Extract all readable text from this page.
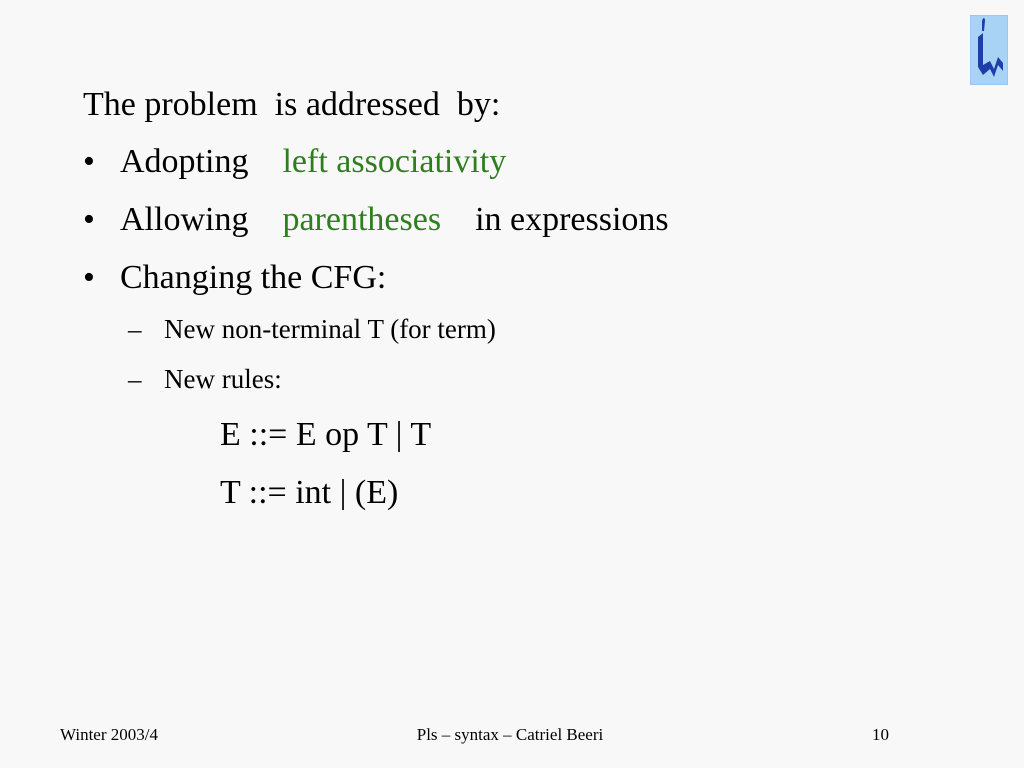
The problem  is addressed  by:
• Adopting    left associativity
• Allowing    parentheses    in expressions
• Changing the CFG:
– New non-terminal T (for term)
– New rules:
E ::= E op T | T
T ::= int | (E)
Winter 2003/4	Pls – syntax – Catriel Beeri	10
